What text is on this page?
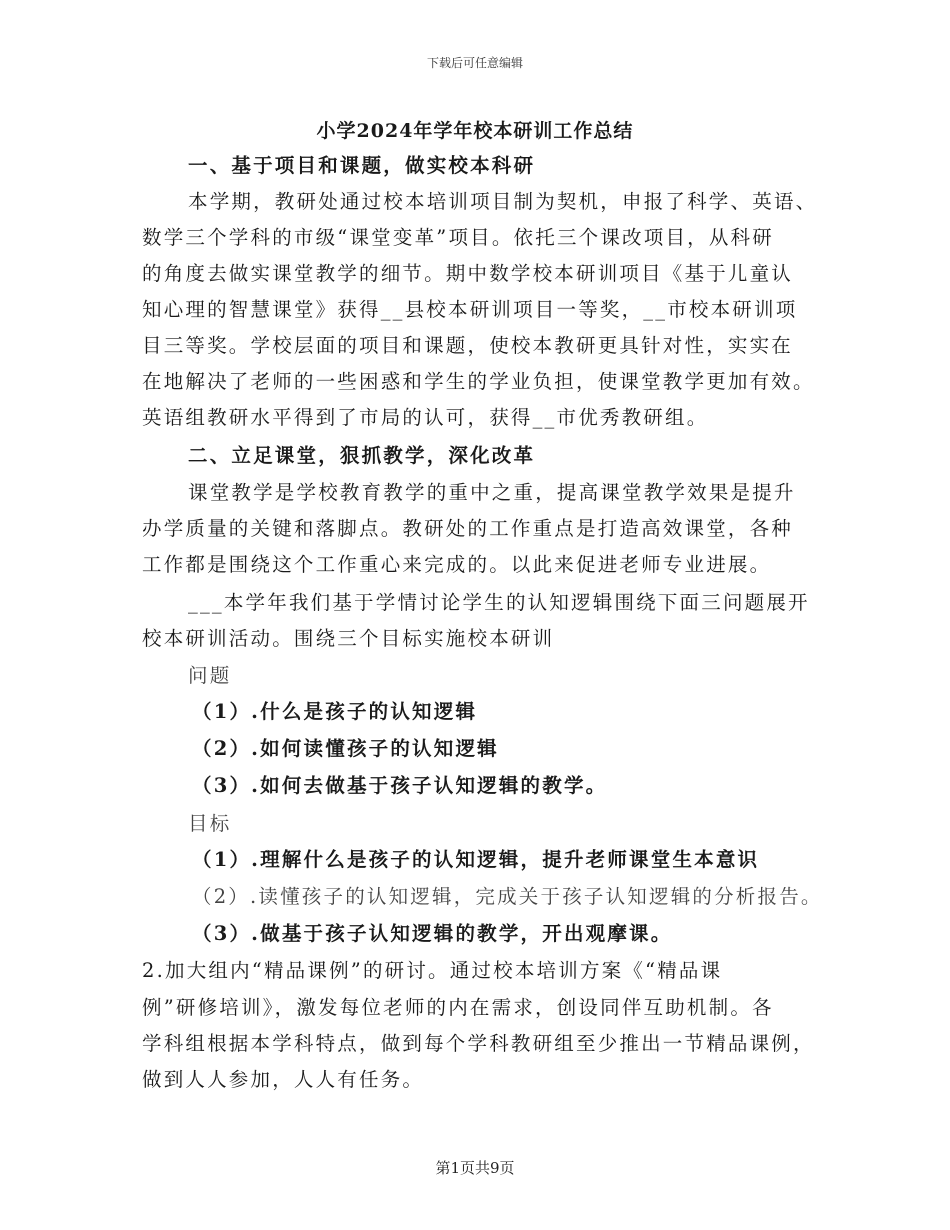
下载后可任意编辑
小学2024年学年校本研训工作总结
一、基于项目和课题，做实校本科研
本学期，教研处通过校本培训项目制为契机，申报了科学、英语、
数学三个学科的市级“课堂变革”项目。依托三个课改项目，从科研
的角度去做实课堂教学的细节。期中数学校本研训项目《基于儿童认
知心理的智慧课堂》获得__县校本研训项目一等奖，__市校本研训项
目三等奖。学校层面的项目和课题，使校本教研更具针对性，实实在
在地解决了老师的一些困惑和学生的学业负担，使课堂教学更加有效。
英语组教研水平得到了市局的认可，获得__市优秀教研组。
二、立足课堂，狠抓教学，深化改革
课堂教学是学校教育教学的重中之重，提高课堂教学效果是提升
办学质量的关键和落脚点。教研处的工作重点是打造高效课堂，各种
工作都是围绕这个工作重心来完成的。以此来促进老师专业进展。
___本学年我们基于学情讨论学生的认知逻辑围绕下面三问题展开
校本研训活动。围绕三个目标实施校本研训
问题
（1）.什么是孩子的认知逻辑
（2）.如何读懂孩子的认知逻辑
（3）.如何去做基于孩子认知逻辑的教学。
目标
（1）.理解什么是孩子的认知逻辑，提升老师课堂生本意识
（2）.读懂孩子的认知逻辑，完成关于孩子认知逻辑的分析报告。
（3）.做基于孩子认知逻辑的教学，开出观摩课。
2.加大组内“精品课例”的研讨。通过校本培训方案《“精品课
例”研修培训》，激发每位老师的内在需求，创设同伴互助机制。各
学科组根据本学科特点，做到每个学科教研组至少推出一节精品课例，
做到人人参加，人人有任务。
第1页共9页
